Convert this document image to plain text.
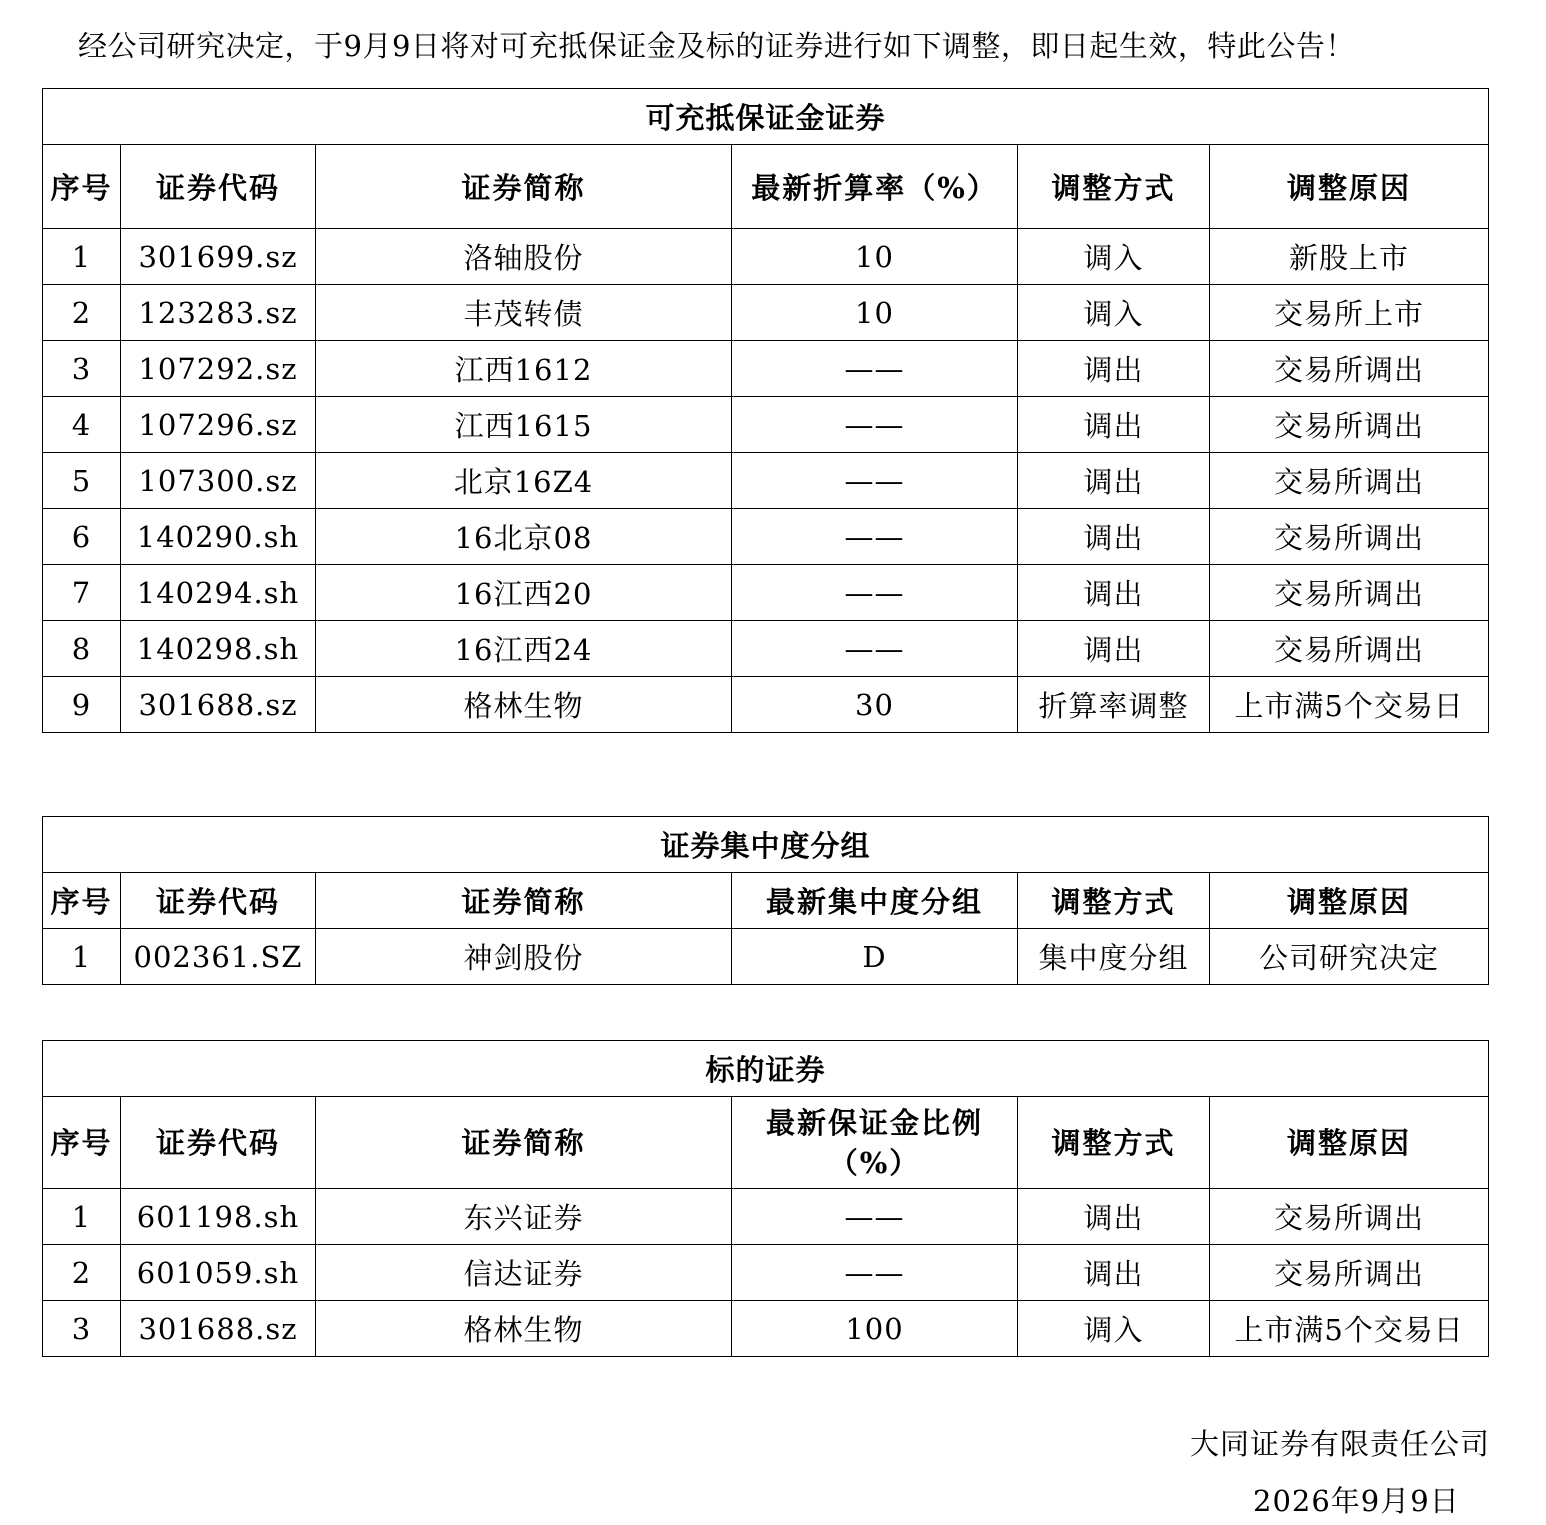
经公司研究决定，于9月9日将对可充抵保证金及标的证券进行如下调整，即日起生效，特此公告！
可充抵保证金证券					
序号	证券代码	证券简称	最新折算率（%）	调整方式	调整原因
1	301699.sz	洛轴股份	10	调入	新股上市
2	123283.sz	丰茂转债	10	调入	交易所上市
3	107292.sz	江西1612	——	调出	交易所调出
4	107296.sz	江西1615	——	调出	交易所调出
5	107300.sz	北京16Z4	——	调出	交易所调出
6	140290.sh	16北京08	——	调出	交易所调出
7	140294.sh	16江西20	——	调出	交易所调出
8	140298.sh	16江西24	——	调出	交易所调出
9	301688.sz	格林生物	30	折算率调整	上市满5个交易日
证券集中度分组					
序号	证券代码	证券简称	最新集中度分组	调整方式	调整原因
1	002361.SZ	神剑股份	D	集中度分组	公司研究决定
标的证券					
序号	证券代码	证券简称	最新保证金比例（%）	调整方式	调整原因
1	601198.sh	东兴证券	——	调出	交易所调出
2	601059.sh	信达证券	——	调出	交易所调出
3	301688.sz	格林生物	100	调入	上市满5个交易日
大同证券有限责任公司
2026年9月9日
